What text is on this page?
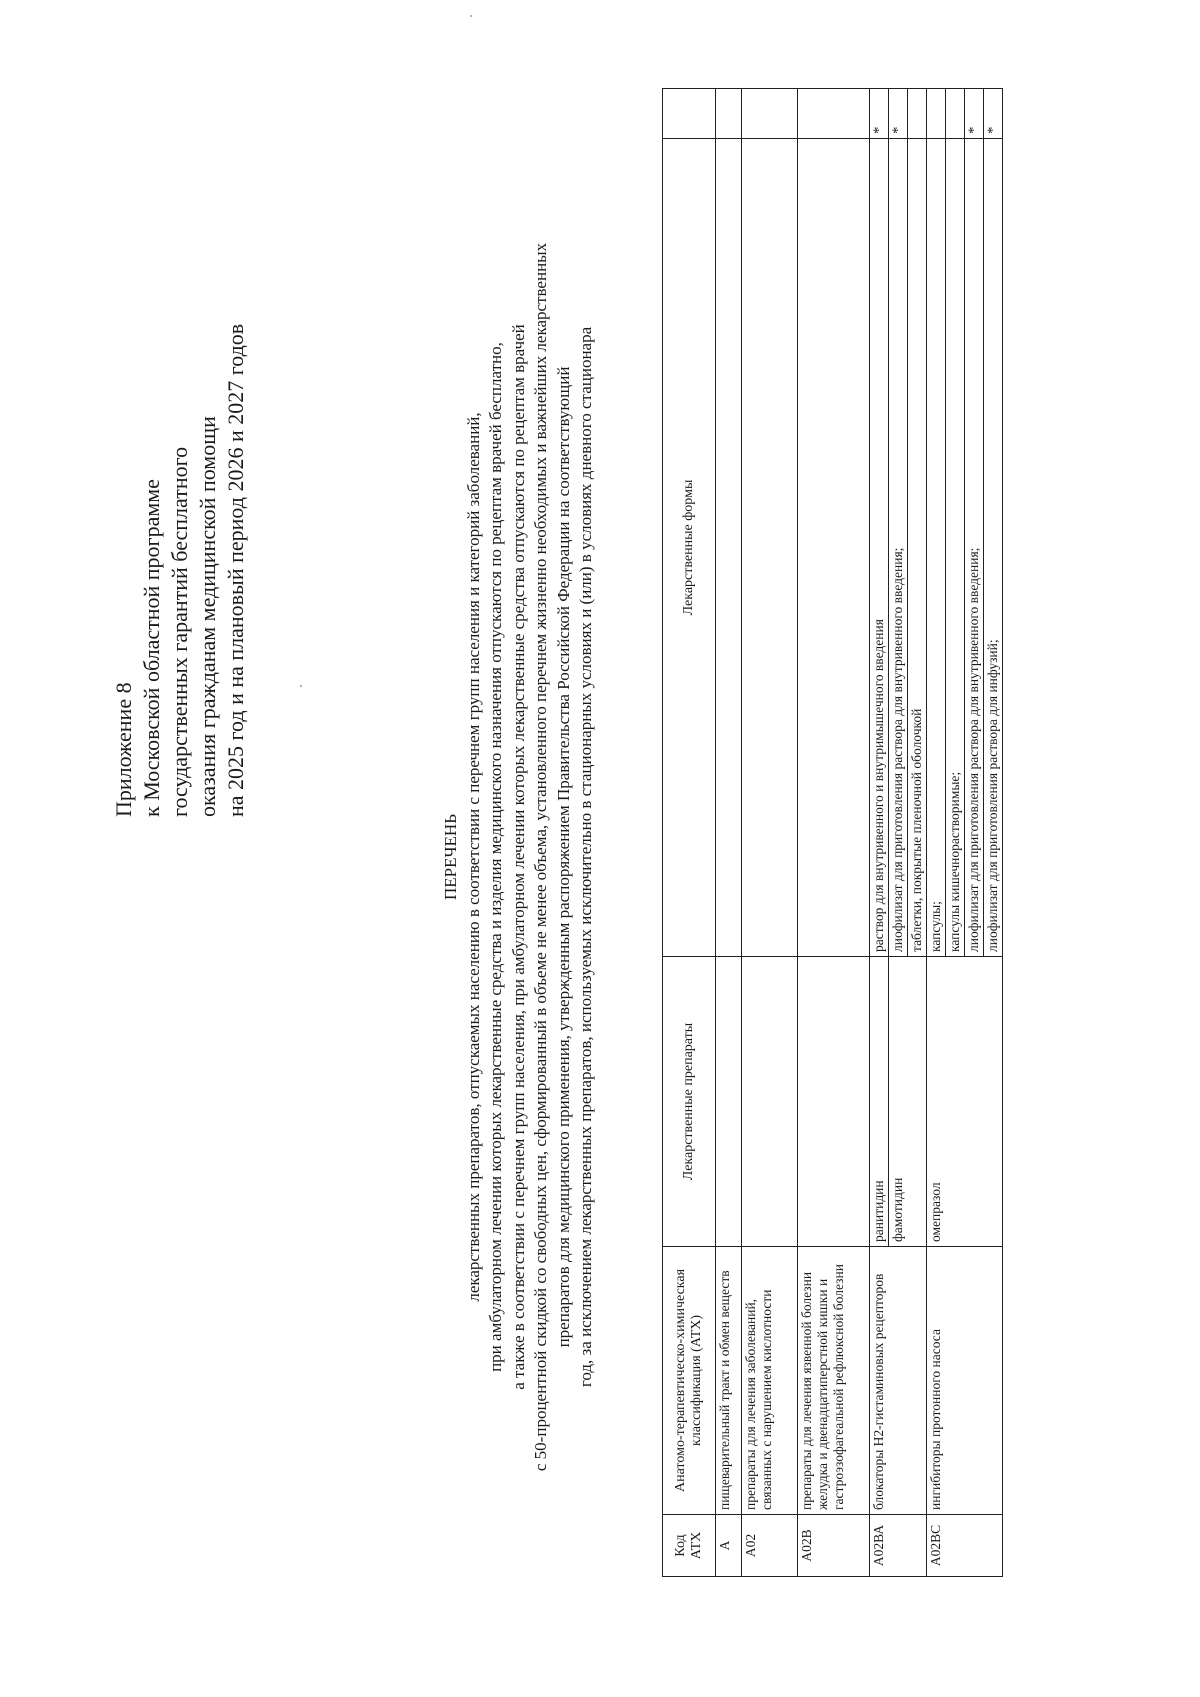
Приложение 8 к Московской областной программе государственных гарантий бесплатного оказания гражданам медицинской помощи на 2025 год и на плановый период 2026 и 2027 годов
ПЕРЕЧЕНЬ лекарственных препаратов, отпускаемых населению в соответствии с перечнем групп населения и категорий заболеваний, при амбулаторном лечении которых лекарственные средства и изделия медицинского назначения отпускаются по рецептам врачей бесплатно, а также в соответствии с перечнем групп населения, при амбулаторном лечении которых лекарственные средства отпускаются по рецептам врачей с 50-процентной скидкой со свободных цен, сформированный в объеме не менее объема, установленного перечнем жизненно необходимых и важнейших лекарственных препаратов для медицинского применения, утвержденным распоряжением Правительства Российской Федерации на соответствующий год, за исключением лекарственных препаратов, используемых исключительно в стационарных условиях и (или) в условиях дневного стационара
Код АТХ	Анатомо-терапевтическо-химическая классификация (АТХ)	Лекарственные препараты	Лекарственные формы	
А	пищеварительный тракт и обмен веществ			
А02	препараты для лечения заболеваний, связанных с нарушением кислотности			
А02В	препараты для лечения язвенной болезни желудка и двенадцатиперстной кишки и гастроэзофагеальной рефлюксной болезни			
А02ВА	блокаторы Н2-гистаминовых рецепторов	ранитидин	раствор для внутривенного и внутримышечного введения	*
		фамотидин	лиофилизат для приготовления раствора для внутривенного введения;	*
			таблетки, покрытые пленочной оболочкой	
А02ВС	ингибиторы протонного насоса	омепразол	капсулы;	
			капсулы кишечнорастворимые;	
			лиофилизат для приготовления раствора для внутривенного введения;	*
			лиофилизат для приготовления раствора для инфузий;	*
